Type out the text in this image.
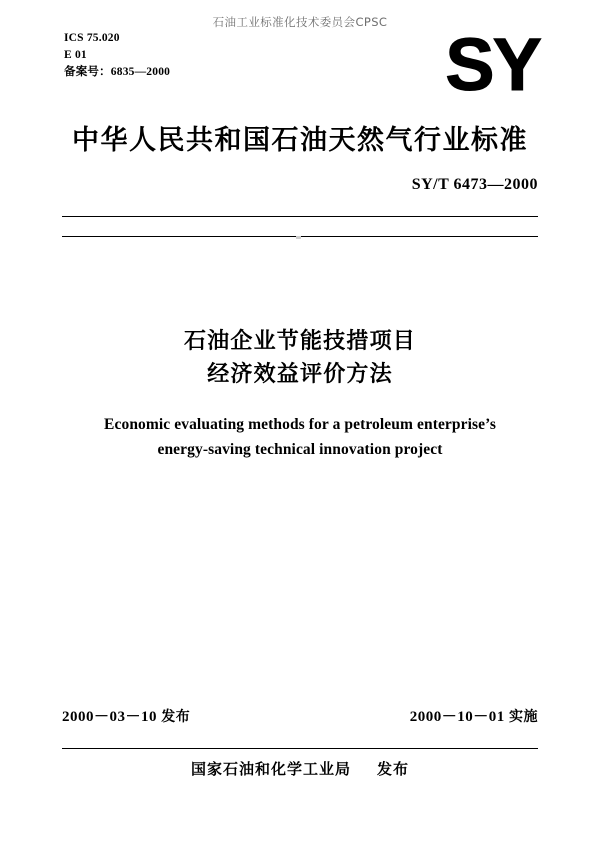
石油工业标准化技术委员会CPSC
ICS 75.020
E 01
备案号：6835—2000	SY
中华人民共和国石油天然气行业标准
SY/T 6473—2000
石油企业节能技措项目
经济效益评价方法
Economic evaluating methods for a petroleum enterprise’s
energy-saving technical innovation project
2000－03－10 发布	2000－10－01 实施
国家石油和化学工业局 发布
